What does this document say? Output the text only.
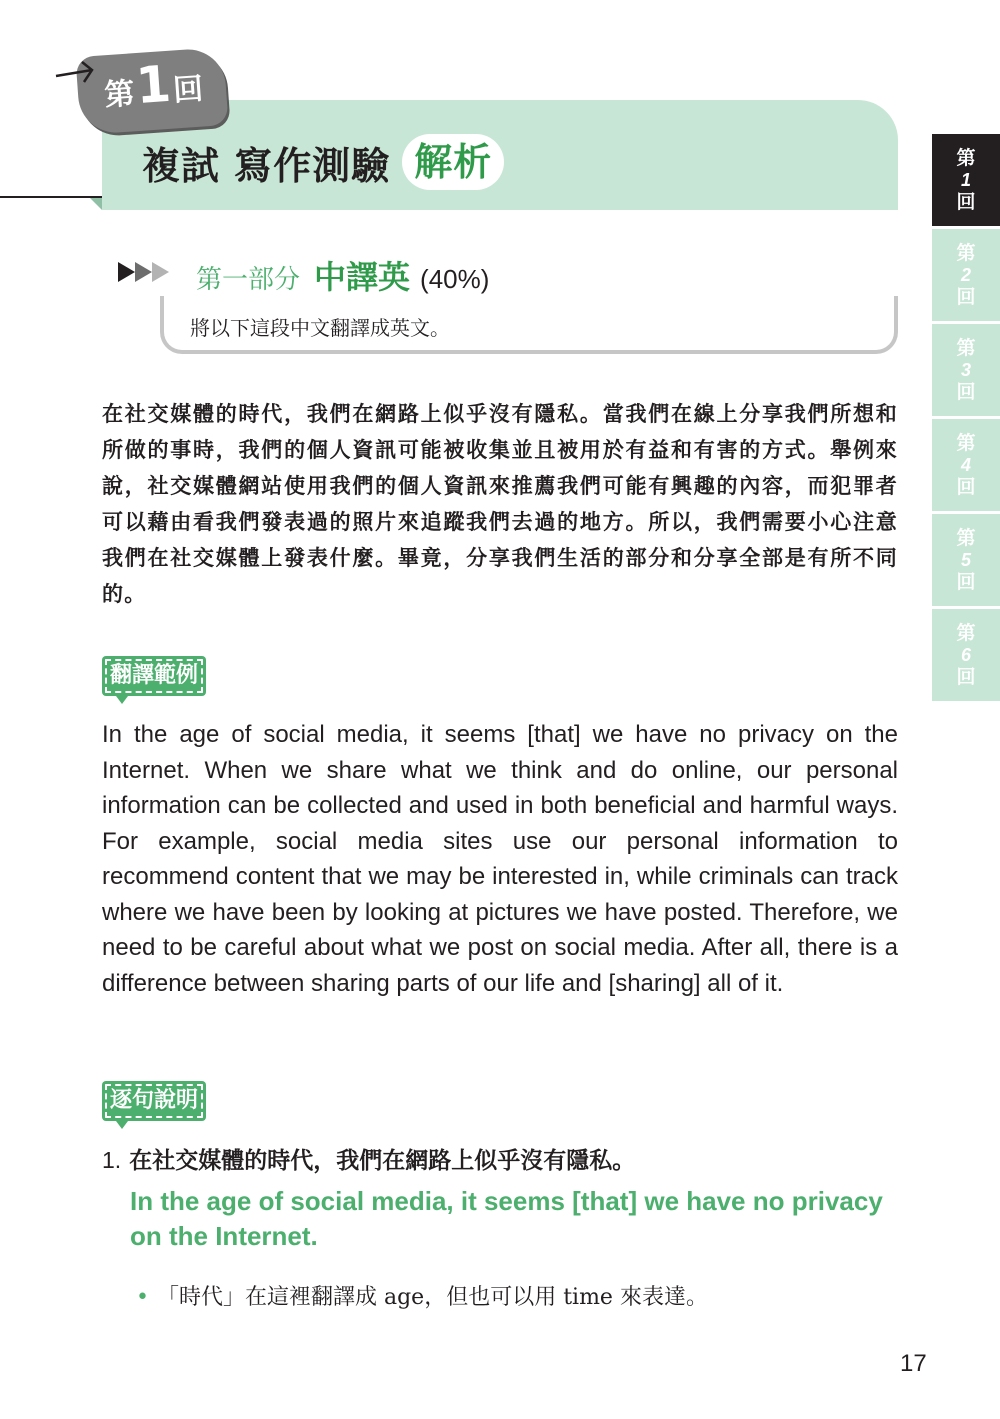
第
1 回
複試 寫作測驗 解析
第一部分 中譯英 (40%)
將以下這段中文翻譯成英文。
在社交媒體的時代，我們在網路上似乎沒有隱私。當我們在線上分享我們所想和所做的事時，我們的個人資訊可能被收集並且被用於有益和有害的方式。舉例來說，社交媒體網站使用我們的個人資訊來推薦我們可能有興趣的內容，而犯罪者可以藉由看我們發表過的照片來追蹤我們去過的地方。所以，我們需要小心注意我們在社交媒體上發表什麼。畢竟，分享我們生活的部分和分享全部是有所不同的。
翻譯範例
In the age of social media, it seems [that] we have no privacy on the Internet. When we share what we think and do online, our personal information can be collected and used in both beneficial and harmful ways. For example, social media sites use our personal information to recommend content that we may be interested in, while criminals can track where we have been by looking at pictures we have posted. Therefore, we need to be careful about what we post on social media. After all, there is a difference between sharing parts of our life and [sharing] all of it.
逐句說明
1. 在社交媒體的時代，我們在網路上似乎沒有隱私。
In the age of social media, it seems [that] we have no privacy on the Internet.
• 「時代」在這裡翻譯成 age，但也可以用 time 來表達。
17
第
1
回
第
2
回
第
3
回
第
4
回
第
5
回
第
6
回
